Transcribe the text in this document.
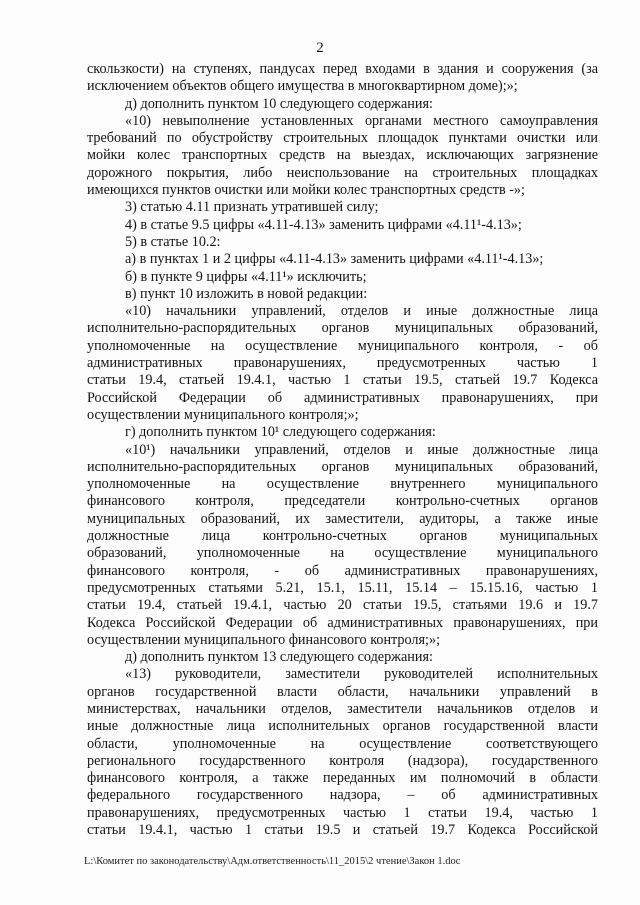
2
скользкости) на ступенях, пандусах перед входами в здания и сооружения (за
исключением объектов общего имущества в многоквартирном доме);»;
д) дополнить пунктом 10 следующего содержания:
«10) невыполнение установленных органами местного самоуправления
требований по обустройству строительных площадок пунктами очистки или
мойки колес транспортных средств на выездах, исключающих загрязнение
дорожного покрытия, либо неиспользование на строительных площадках
имеющихся пунктов очистки или мойки колес транспортных средств -»;
3) статью 4.11 признать утратившей силу;
4) в статье 9.5 цифры «4.11-4.13» заменить цифрами «4.11¹-4.13»;
5) в статье 10.2:
а) в пунктах 1 и 2 цифры «4.11-4.13» заменить цифрами «4.11¹-4.13»;
б) в пункте 9 цифры «4.11¹» исключить;
в) пункт 10 изложить в новой редакции:
«10) начальники управлений, отделов и иные должностные лица
исполнительно-распорядительных органов муниципальных образований,
уполномоченные на осуществление муниципального контроля, - об
административных правонарушениях, предусмотренных частью 1
статьи 19.4, статьей 19.4.1, частью 1 статьи 19.5, статьей 19.7 Кодекса
Российской Федерации об административных правонарушениях, при
осуществлении муниципального контроля;»;
г) дополнить пунктом 10¹ следующего содержания:
«10¹) начальники управлений, отделов и иные должностные лица
исполнительно-распорядительных органов муниципальных образований,
уполномоченные на осуществление внутреннего муниципального
финансового контроля, председатели контрольно-счетных органов
муниципальных образований, их заместители, аудиторы, а также иные
должностные лица контрольно-счетных органов муниципальных
образований, уполномоченные на осуществление муниципального
финансового контроля, - об административных правонарушениях,
предусмотренных статьями 5.21, 15.1, 15.11, 15.14 – 15.15.16, частью 1
статьи 19.4, статьей 19.4.1, частью 20 статьи 19.5, статьями 19.6 и 19.7
Кодекса Российской Федерации об административных правонарушениях, при
осуществлении муниципального финансового контроля;»;
д) дополнить пунктом 13 следующего содержания:
«13) руководители, заместители руководителей исполнительных
органов государственной власти области, начальники управлений в
министерствах, начальники отделов, заместители начальников отделов и
иные должностные лица исполнительных органов государственной власти
области, уполномоченные на осуществление соответствующего
регионального государственного контроля (надзора), государственного
финансового контроля, а также переданных им полномочий в области
федерального государственного надзора, – об административных
правонарушениях, предусмотренных частью 1 статьи 19.4, частью 1
статьи 19.4.1, частью 1 статьи 19.5 и статьей 19.7 Кодекса Российской
L:\Комитет по законодательству\Адм.ответственность\11_2015\2 чтение\Закон 1.doc
